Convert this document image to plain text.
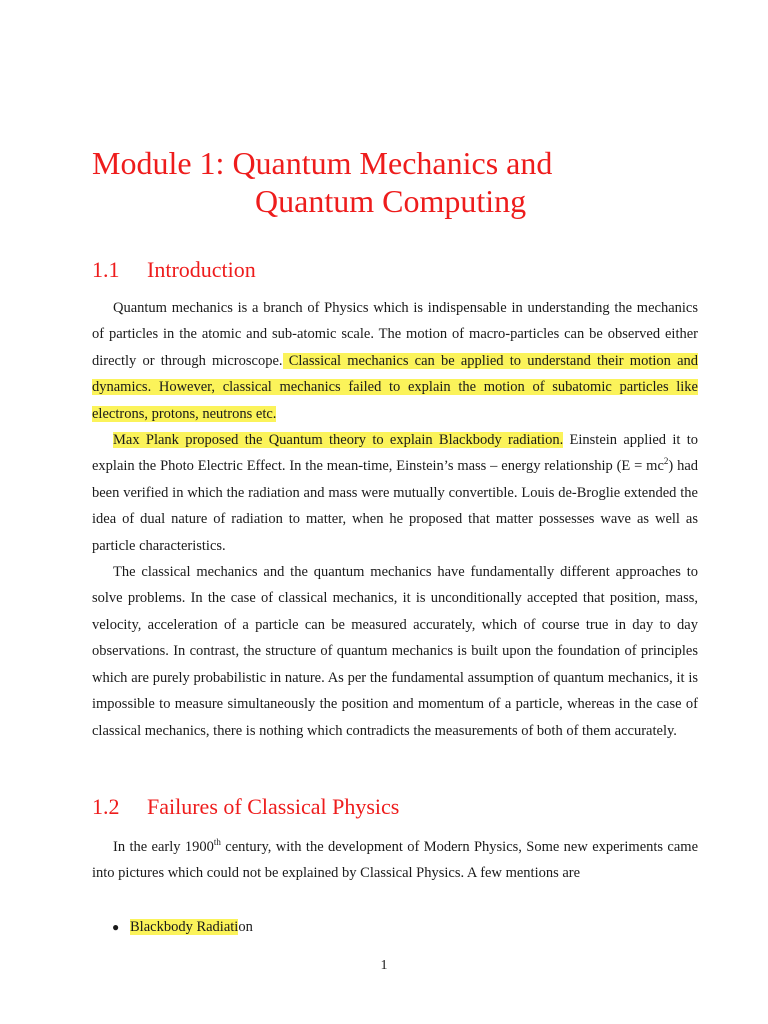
Module 1: Quantum Mechanics and
Quantum Computing
1.1 Introduction

Quantum mechanics is a branch of Physics which is indispensable in understanding the mechanics of particles in the atomic and sub-atomic scale. The motion of macro-particles can be observed either directly or through microscope. Classical mechanics can be applied to understand their motion and dynamics. However, classical mechanics failed to explain the motion of subatomic particles like electrons, protons, neutrons etc.

Max Plank proposed the Quantum theory to explain Blackbody radiation. Einstein applied it to explain the Photo Electric Effect. In the mean-time, Einstein’s mass – energy relationship $(E = mc^2)$ had been verified in which the radiation and mass were mutually convertible. Louis de-Broglie extended the idea of dual nature of radiation to matter, when he proposed that matter possesses wave as well as particle characteristics.

The classical mechanics and the quantum mechanics have fundamentally different approaches to solve problems. In the case of classical mechanics, it is unconditionally accepted that position, mass, velocity, acceleration of a particle can be measured accurately, which of course true in day to day observations. In contrast, the structure of quantum mechanics is built upon the foundation of principles which are purely probabilistic in nature. As per the fundamental assumption of quantum mechanics, it is impossible to measure simultaneously the position and momentum of a particle, whereas in the case of classical mechanics, there is nothing which contradicts the measurements of both of them accurately.

1.2 Failures of Classical Physics

In the early 1900th century, with the development of Modern Physics, Some new experiments came into pictures which could not be explained by Classical Physics. A few mentions are

● Blackbody Radiation
1
